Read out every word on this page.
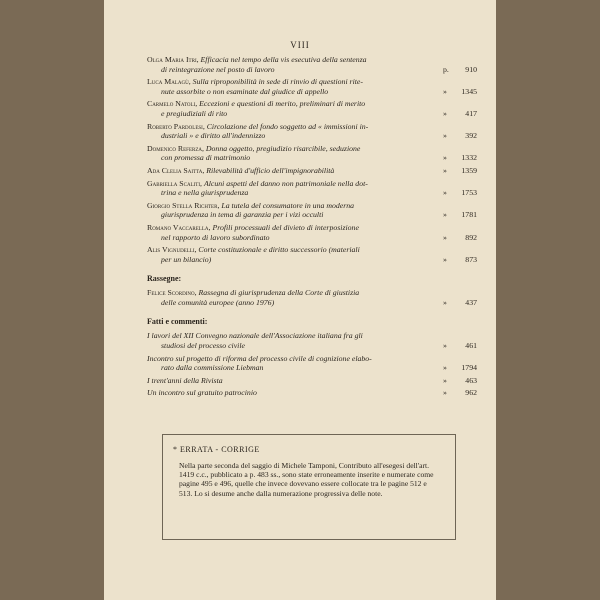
VIII
Olga Maria Itri, Efficacia nel tempo della vis esecutiva della sentenza
di reintegrazione nel posto di lavoro	p. 910

Luca Malagù, Sulla riproponibilità in sede di rinvio di questioni rite-
nute assorbite o non esaminate dal giudice di appello	» 1345

Carmelo Natoli, Eccezioni e questioni di merito, preliminari di merito
e pregiudiziali di rito	» 417

Roberto Pardolesi, Circolazione del fondo soggetto ad « immissioni in-
dustriali » e diritto all'indennizzo	» 392

Domenico Referza, Donna oggetto, pregiudizio risarcibile, seduzione
con promessa di matrimonio	» 1332

Ada Clelia Saitta, Rilevabilità d'ufficio dell'impignorabilità	» 1359

Gabriella Scaliti, Alcuni aspetti del danno non patrimoniale nella dot-
trina e nella giurisprudenza	» 1753

Giorgio Stella Richter, La tutela del consumatore in una moderna
giurisprudenza in tema di garanzia per i vizi occulti	» 1781

Romano Vaccarella, Profili processuali del divieto di interposizione
nel rapporto di lavoro subordinato	» 892

Alis Vignudelli, Corte costituzionale e diritto successorio (materiali
per un bilancio)	» 873

Rassegne:
Felice Scordino, Rassegna di giurisprudenza della Corte di giustizia
delle comunità europee (anno 1976)	» 437

Fatti e commenti:
I lavori del XII Convegno nazionale dell'Associazione italiana fra gli
studiosi del processo civile	» 461

Incontro sul progetto di riforma del processo civile di cognizione elabo-
rato dalla commissione Liebman	» 1794

I trent'anni della Rivista	» 463

Un incontro sul gratuito patrocinio	» 962

* ERRATA - CORRIGE
Nella parte seconda del saggio di Michele Tamponi, Contributo all'esegesi dell'art. 1419 c.c., pubblicato a p. 483 ss., sono state erroneamente inserite e numerate come pagine 495 e 496, quelle che invece dovevano essere collocate tra le pagine 512 e 513. Lo si desume anche dalla numerazione progressiva delle note.
